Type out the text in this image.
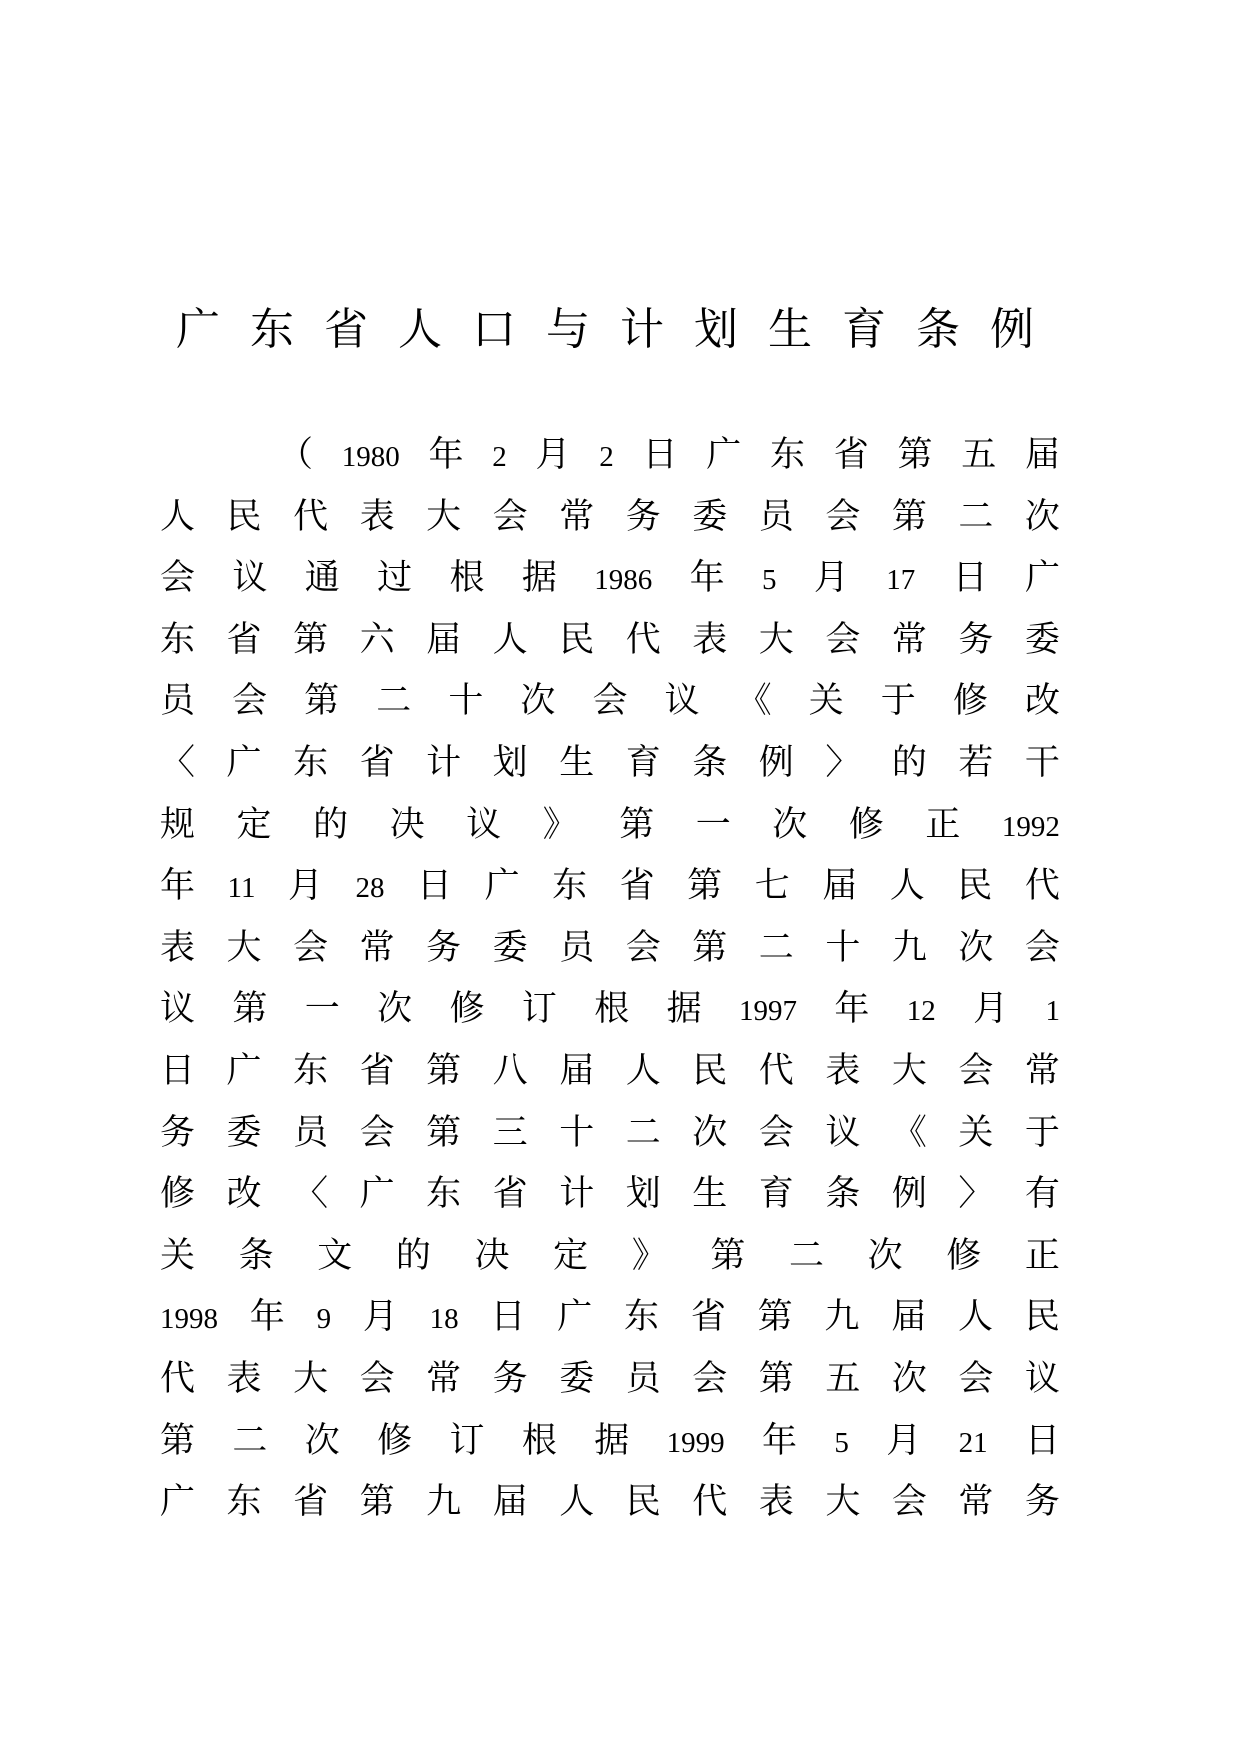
广东省人口与计划生育条例
（ 1980 年 2 月 2 日 广 东 省 第 五 届
人 民 代 表 大 会 常 务 委 员 会 第 二 次
会 议 通 过 根 据 1986 年 5 月 17 日 广
东 省 第 六 届 人 民 代 表 大 会 常 务 委
员 会 第 二 十 次 会 议 《 关 于 修 改
〈 广 东 省 计 划 生 育 条 例 〉 的 若 干
规 定 的 决 议 》 第 一 次 修 正 1992
年 11 月 28 日 广 东 省 第 七 届 人 民 代
表 大 会 常 务 委 员 会 第 二 十 九 次 会
议 第 一 次 修 订 根 据 1997 年 12 月 1
日 广 东 省 第 八 届 人 民 代 表 大 会 常
务 委 员 会 第 三 十 二 次 会 议 《 关 于
修 改 〈 广 东 省 计 划 生 育 条 例 〉 有
关 条 文 的 决 定 》 第 二 次 修 正
1998 年 9 月 18 日 广 东 省 第 九 届 人 民
代 表 大 会 常 务 委 员 会 第 五 次 会 议
第 二 次 修 订 根 据 1999 年 5 月 21 日
广 东 省 第 九 届 人 民 代 表 大 会 常 务
